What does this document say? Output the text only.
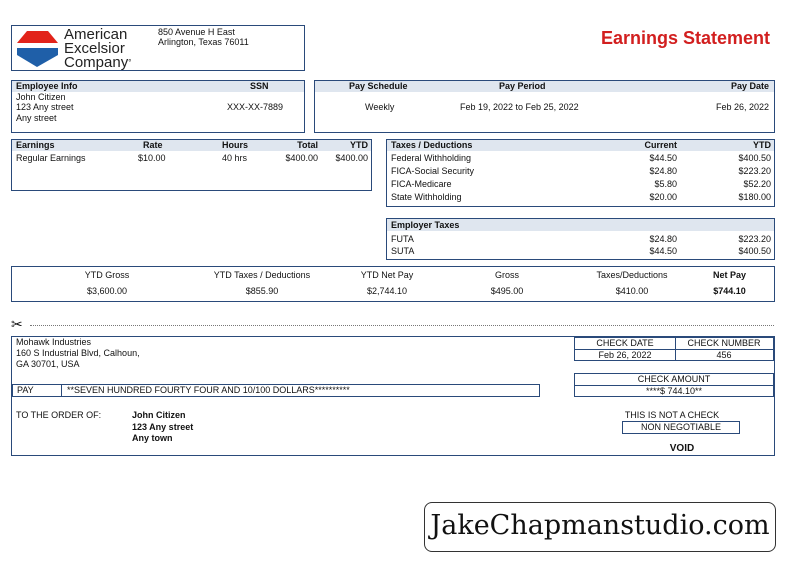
American
Excelsior
Company°
850 Avenue H East
Arlington, Texas 76011	Earnings Statement
Employee Info	SSN
John Citizen
123 Any street
Any street
XXX-XX-7889
Pay Schedule	Pay Period	Pay Date
Weekly	Feb 19, 2022 to Feb 25, 2022	Feb 26, 2022
Earnings	Rate	Hours	Total	YTD
Regular Earnings	$10.00	40 hrs	$400.00	$400.00
Taxes / Deductions	Current	YTD
Federal Withholding	$44.50	$400.50
FICA-Social Security	$24.80	$223.20
FICA-Medicare	$5.80	$52.20
State Withholding	$20.00	$180.00
Employer Taxes
FUTA	$24.80	$223.20
SUTA	$44.50	$400.50
YTD Gross	YTD Taxes / Deductions	YTD Net Pay	Gross	Taxes/Deductions	Net Pay
$3,600.00	$855.90	$2,744.10	$495.00	$410.00	$744.10
✂
Mohawk Industries
160 S Industrial Blvd, Calhoun,
GA 30701, USA
CHECK DATE	CHECK NUMBER
Feb 26, 2022	456
CHECK AMOUNT
****$ 744.10**
PAY	**SEVEN HUNDRED FOURTY FOUR AND 10/100 DOLLARS**********
TO THE ORDER OF:	John Citizen
123 Any street
Any town
THIS IS NOT A CHECK
NON NEGOTIABLE
VOID
JakeChapmanstudio.com
